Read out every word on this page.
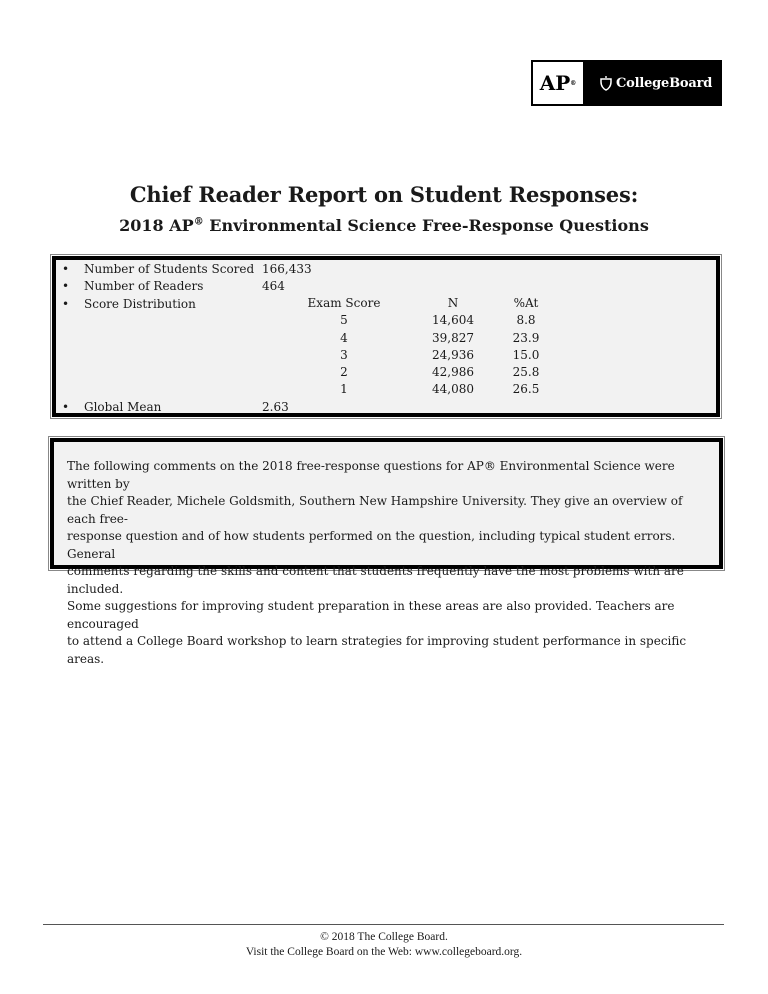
AP ®	CollegeBoard
Chief Reader Report on Student Responses:
2018 AP® Environmental Science Free-Response Questions
•	Number of Students Scored 166,433
•	Number of Readers	464
•	Score Distribution
•	Global Mean	2.63
Exam Score	N	%At
5	14,604	8.8
4	39,827	23.9
3	24,936	15.0
2	42,986	25.8
1	44,080	26.5
The following comments on the 2018 free-response questions for AP® Environmental Science were written by
the Chief Reader, Michele Goldsmith, Southern New Hampshire University. They give an overview of each free-
response question and of how students performed on the question, including typical student errors. General
comments regarding the skills and content that students frequently have the most problems with are included.
Some suggestions for improving student preparation in these areas are also provided. Teachers are encouraged
to attend a College Board workshop to learn strategies for improving student performance in specific areas.
© 2018 The College Board.
Visit the College Board on the Web: www.collegeboard.org.
